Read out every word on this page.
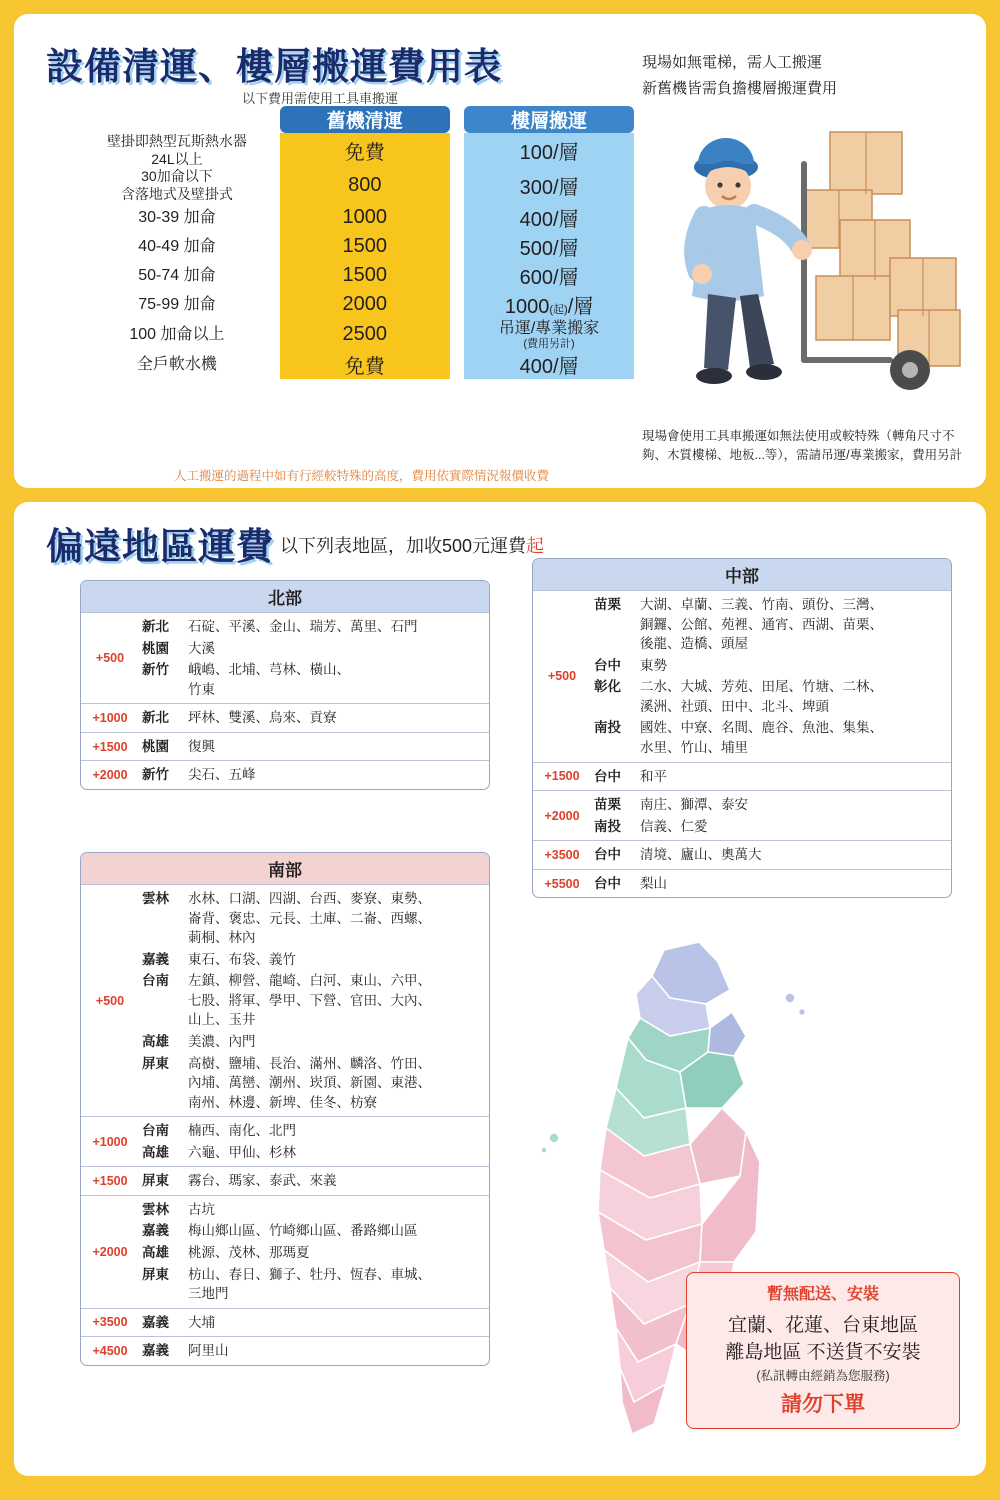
設備清運、樓層搬運費用表
以下費用需使用工具車搬運
現場如無電梯，需人工搬運
新舊機皆需負擔樓層搬運費用
	舊機清運		樓層搬運
壁掛即熱型瓦斯熱水器
24L以上	免費		100/層
30加侖以下
含落地式及壁掛式	800		300/層
30-39 加侖	1000		400/層
40-49 加侖	1500		500/層
50-74 加侖	1500		600/層
75-99 加侖	2000		1000(起)/層
100 加侖以上	2500		吊運/專業搬家
(費用另計)

全戶軟水機	免費		400/層
人工搬運的過程中如有行經較特殊的高度，費用依實際情況報價收費
現場會使用工具車搬運如無法使用或較特殊（轉角尺寸不夠、木質樓梯、地板...等），需請吊運/專業搬家，費用另計
偏遠地區運費 以下列表地區，加收500元運費起
北部
+500	
新北	石碇、平溪、金山、瑞芳、萬里、石門
桃園	大溪
新竹	峨嶋、北埔、芎林、橫山、
竹東

+1000	新北 坪林、雙溪、烏來、貢寮

+1500	桃園 復興

+2000	新竹 尖石、五峰
中部
+500	
苗栗	大湖、卓蘭、三義、竹南、頭份、三灣、
銅鑼、公館、苑裡、通宵、西湖、苗栗、
後龍、造橋、頭屋
台中	東勢
彰化	二水、大城、芳苑、田尾、竹塘、二林、
溪洲、社頭、田中、北斗、埤頭
南投	國姓、中寮、名間、鹿谷、魚池、集集、
水里、竹山、埔里

+1500	台中 和平

+2000	苗栗 南庄、獅潭、泰安
南投 信義、仁愛

+3500	台中 清境、廬山、奧萬大

+5500	台中 梨山
南部
+500	
雲林	水林、口湖、四湖、台西、麥寮、東勢、
崙背、褒忠、元長、土庫、二崙、西螺、
莿桐、林內
嘉義	東石、布袋、義竹
台南	左鎮、柳營、龍崎、白河、東山、六甲、
七股、將軍、學甲、下營、官田、大內、
山上、玉井
高雄	美濃、內門
屏東	高樹、鹽埔、長治、滿州、麟洛、竹田、
內埔、萬巒、潮州、崁頂、新園、東港、
南州、林邊、新埤、佳冬、枋寮

+1000	台南 楠西、南化、北門
高雄 六龜、甲仙、杉林

+1500	屏東 霧台、瑪家、泰武、來義

+2000	
雲林	古坑
嘉義	梅山鄉山區、竹崎鄉山區、番路鄉山區
高雄	桃源、茂林、那瑪夏
屏東	枋山、春日、獅子、牡丹、恆春、車城、
三地門

+3500	嘉義 大埔

+4500	嘉義 阿里山
暫無配送、安裝
宜蘭、花蓮、台東地區
離島地區 不送貨不安裝
(私訊轉由經銷為您服務)
請勿下單
